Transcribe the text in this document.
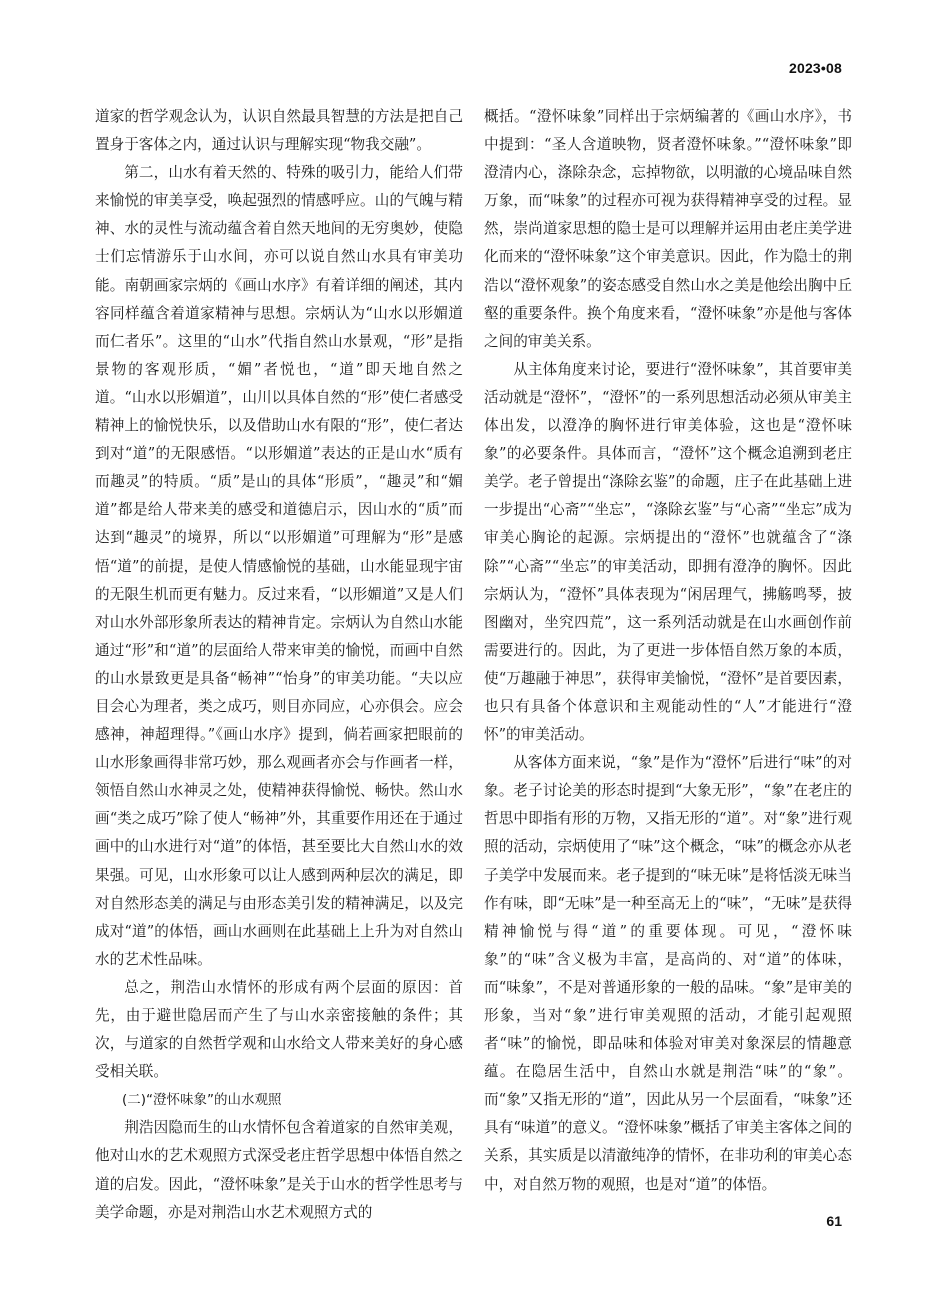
2023•08

道家的哲学观念认为，认识自然最具智慧的方法是把自己置身于客体之内，通过认识与理解实现“物我交融”。

第二，山水有着天然的、特殊的吸引力，能给人们带来愉悦的审美享受，唤起强烈的情感呼应。山的气魄与精神、水的灵性与流动蕴含着自然天地间的无穷奥妙，使隐士们忘情游乐于山水间，亦可以说自然山水具有审美功能。南朝画家宗炳的《画山水序》有着详细的阐述，其内容同样蕴含着道家精神与思想。宗炳认为“山水以形媚道而仁者乐”。这里的“山水”代指自然山水景观，“形”是指景物的客观形质，“媚”者悦也，“道”即天地自然之道。“山水以形媚道”，山川以具体自然的“形”使仁者感受精神上的愉悦快乐，以及借助山水有限的“形”，使仁者达到对“道”的无限感悟。“以形媚道”表达的正是山水“质有而趣灵”的特质。“质”是山的具体“形质”，“趣灵”和“媚道”都是给人带来美的感受和道德启示，因山水的“质”而达到“趣灵”的境界，所以“以形媚道”可理解为“形”是感悟“道”的前提，是使人情感愉悦的基础，山水能显现宇宙的无限生机而更有魅力。反过来看，“以形媚道”又是人们对山水外部形象所表达的精神肯定。宗炳认为自然山水能通过“形”和“道”的层面给人带来审美的愉悦，而画中自然的山水景致更是具备“畅神”“怡身”的审美功能。“夫以应目会心为理者，类之成巧，则目亦同应，心亦俱会。应会感神，神超理得。”《画山水序》提到，倘若画家把眼前的山水形象画得非常巧妙，那么观画者亦会与作画者一样，领悟自然山水神灵之处，使精神获得愉悦、畅快。然山水画“类之成巧”除了使人“畅神”外，其重要作用还在于通过画中的山水进行对“道”的体悟，甚至要比大自然山水的效果强。可见，山水形象可以让人感到两种层次的满足，即对自然形态美的满足与由形态美引发的精神满足，以及完成对“道”的体悟，画山水画则在此基础上上升为对自然山水的艺术性品味。

总之，荆浩山水情怀的形成有两个层面的原因：首先，由于避世隐居而产生了与山水亲密接触的条件；其次，与道家的自然哲学观和山水给文人带来美好的身心感受相关联。

(二)“澄怀味象”的山水观照

荆浩因隐而生的山水情怀包含着道家的自然审美观，他对山水的艺术观照方式深受老庄哲学思想中体悟自然之道的启发。因此，“澄怀味象”是关于山水的哲学性思考与美学命题，亦是对荆浩山水艺术观照方式的

概括。“澄怀味象”同样出于宗炳编著的《画山水序》，书中提到：“圣人含道映物，贤者澄怀味象。”“澄怀味象”即澄清内心，涤除杂念，忘掉物欲，以明澈的心境品味自然万象，而“味象”的过程亦可视为获得精神享受的过程。显然，崇尚道家思想的隐士是可以理解并运用由老庄美学进化而来的“澄怀味象”这个审美意识。因此，作为隐士的荆浩以“澄怀观象”的姿态感受自然山水之美是他绘出胸中丘壑的重要条件。换个角度来看，“澄怀味象”亦是他与客体之间的审美关系。

从主体角度来讨论，要进行“澄怀味象”，其首要审美活动就是“澄怀”，“澄怀”的一系列思想活动必须从审美主体出发，以澄净的胸怀进行审美体验，这也是“澄怀味象”的必要条件。具体而言，“澄怀”这个概念追溯到老庄美学。老子曾提出“涤除玄鉴”的命题，庄子在此基础上进一步提出“心斋”“坐忘”，“涤除玄鉴”与“心斋”“坐忘”成为审美心胸论的起源。宗炳提出的“澄怀”也就蕴含了“涤除”“心斋”“坐忘”的审美活动，即拥有澄净的胸怀。因此宗炳认为，“澄怀”具体表现为“闲居理气，拂觞鸣琴，披图幽对，坐究四荒”，这一系列活动就是在山水画创作前需要进行的。因此，为了更进一步体悟自然万象的本质，使“万趣融于神思”，获得审美愉悦，“澄怀”是首要因素，也只有具备个体意识和主观能动性的“人”才能进行“澄怀”的审美活动。

从客体方面来说，“象”是作为“澄怀”后进行“味”的对象。老子讨论美的形态时提到“大象无形”，“象”在老庄的哲思中即指有形的万物，又指无形的“道”。对“象”进行观照的活动，宗炳使用了“味”这个概念，“味”的概念亦从老子美学中发展而来。老子提到的“味无味”是将恬淡无味当作有味，即“无味”是一种至高无上的“味”，“无味”是获得精神愉悦与得“道”的重要体现。可见，“澄怀味象”的“味”含义极为丰富，是高尚的、对“道”的体味，而“味象”，不是对普通形象的一般的品味。“象”是审美的形象，当对“象”进行审美观照的活动，才能引起观照者“味”的愉悦，即品味和体验对审美对象深层的情趣意蕴。在隐居生活中，自然山水就是荆浩“味”的“象”。而“象”又指无形的“道”，因此从另一个层面看，“味象”还具有“味道”的意义。“澄怀味象”概括了审美主客体之间的关系，其实质是以清澈纯净的情怀，在非功利的审美心态中，对自然万物的观照，也是对“道”的体悟。

61
